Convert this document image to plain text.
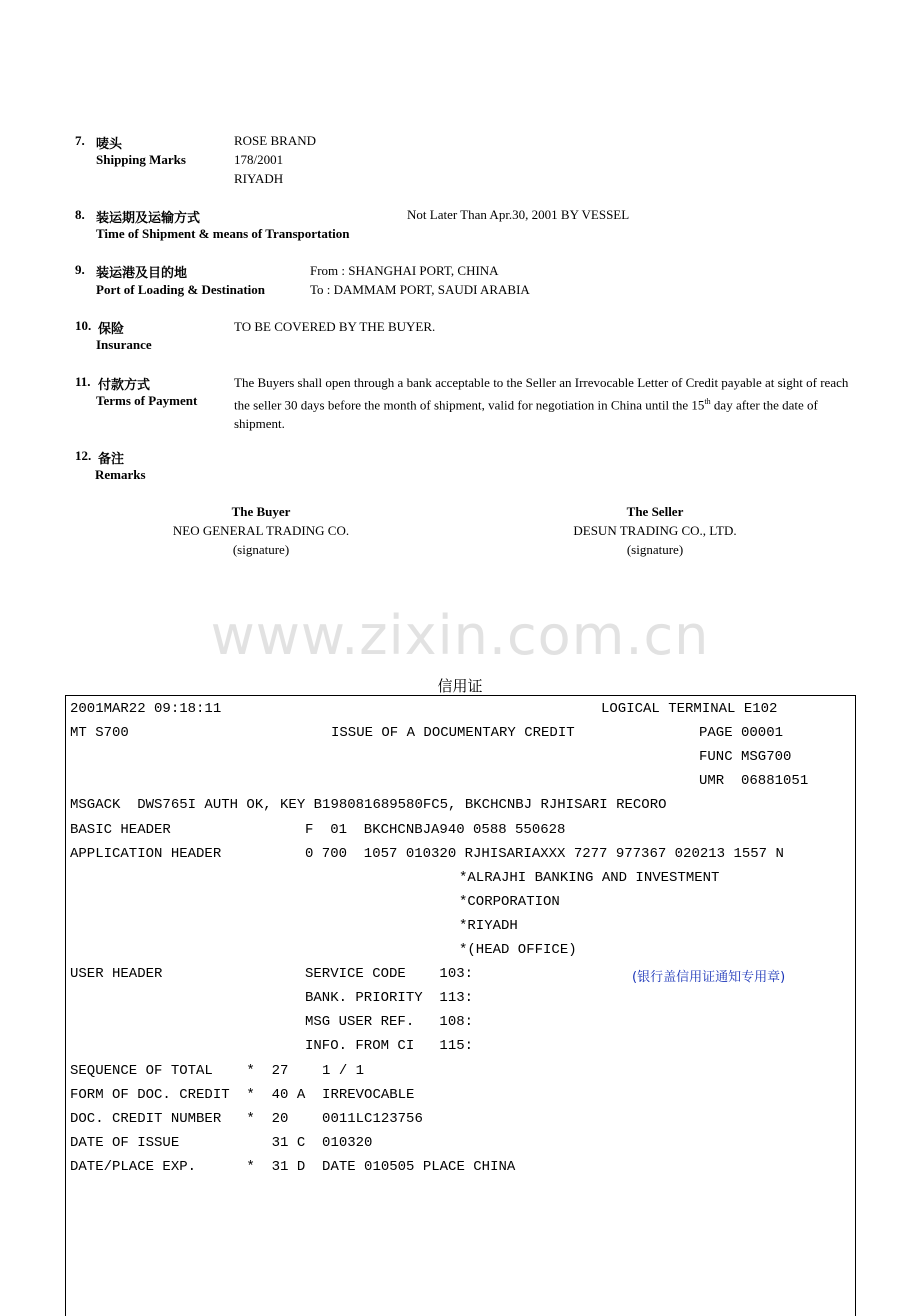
7. 唛头
Shipping Marks
ROSE BRAND
178/2001
RIYADH
8. 装运期及运输方式
Time of Shipment & means of Transportation
Not Later Than Apr.30, 2001 BY VESSEL
9. 装运港及目的地
Port of Loading & Destination
From : SHANGHAI PORT, CHINA
To : DAMMAM PORT, SAUDI ARABIA
10. 保险
Insurance
TO BE COVERED BY THE BUYER.
11. 付款方式
Terms of Payment
The Buyers shall open through a bank acceptable to the Seller an Irrevocable Letter of Credit payable at sight of reach the seller 30 days before the month of shipment, valid for negotiation in China until the 15th day after the date of shipment.
12. 备注
Remarks
The Buyer
NEO GENERAL TRADING CO.
(signature)
The Seller
DESUN TRADING CO., LTD.
(signature)
www.zixin.com.cn
信用证
2001MAR22 09:18:11	LOGICAL TERMINAL E102
MT S700	ISSUE OF A DOCUMENTARY CREDIT	PAGE 00001
FUNC MSG700
UMR  06881051
MSGACK  DWS765I AUTH OK, KEY B198081689580FC5, BKCHCNBJ RJHISARI RECORO
BASIC HEADER	F  01  BKCHCNBJA940 0588 550628
APPLICATION HEADER	0 700  1057 010320 RJHISARIAXXX 7277 977367 020213 1557 N
*ALRAJHI BANKING AND INVESTMENT
*CORPORATION
*RIYADH
*(HEAD OFFICE)
USER HEADER	SERVICE CODE    103:
BANK. PRIORITY  113:
MSG USER REF.   108:
INFO. FROM CI   115:
SEQUENCE OF TOTAL    *  27    1 / 1
FORM OF DOC. CREDIT  *  40 A  IRREVOCABLE
DOC. CREDIT NUMBER   *  20    0011LC123756
DATE OF ISSUE           31 C  010320
DATE/PLACE EXP.      *  31 D  DATE 010505 PLACE CHINA
(银行盖信用证通知专用章)
